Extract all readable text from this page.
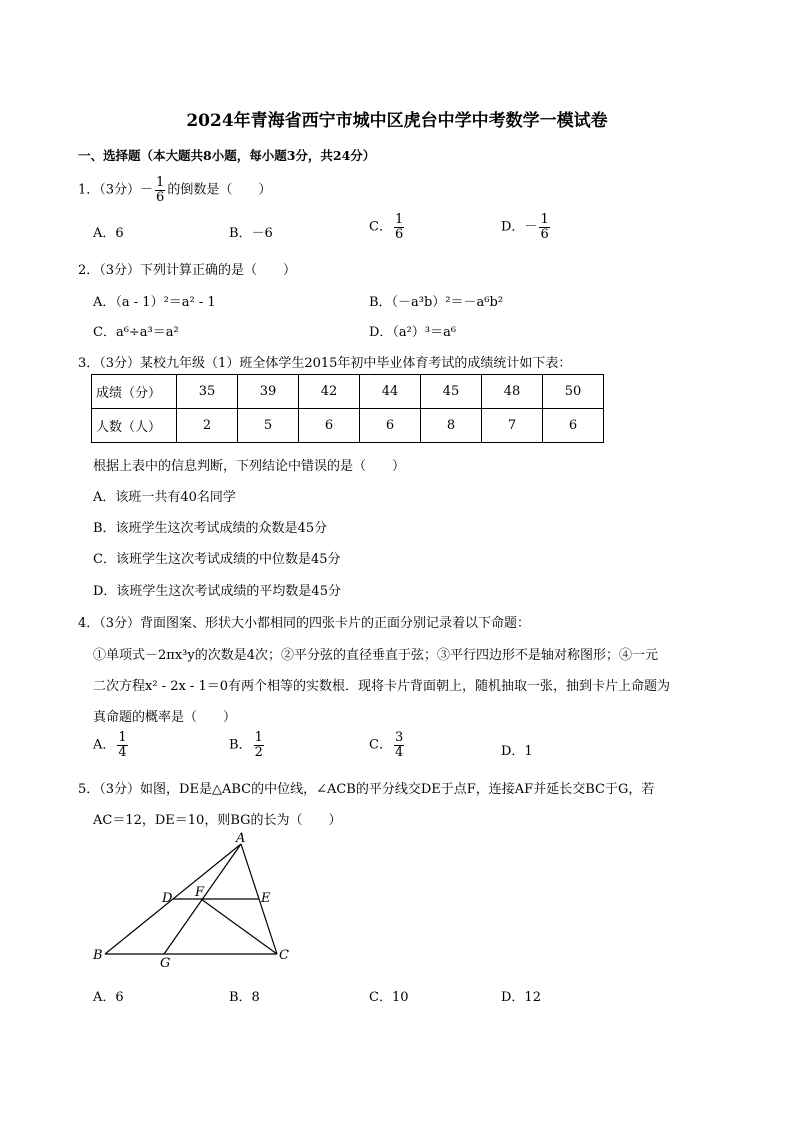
2024年青海省西宁市城中区虎台中学中考数学一模试卷
一、选择题（本大题共8小题，每小题3分，共24分）
1．（3分）－ $\frac{1}{6}$ 的倒数是（　　）
A．6	B．－6	C． $\frac{1}{6}$	D．－ $\frac{1}{6}$
2．（3分）下列计算正确的是（　　）
A．（a - 1）²＝a² - 1	B．（－a³b）²＝－a⁶b²
C．a⁶÷a³＝a²	D．（a²）³＝a⁶
3．（3分）某校九年级（1）班全体学生2015年初中毕业体育考试的成绩统计如下表：
成绩（分）	35	39	42	44	45	48	50
人数（人）	2	5	6	6	8	7	6
根据上表中的信息判断，下列结论中错误的是（　　）
A．该班一共有40名同学
B．该班学生这次考试成绩的众数是45分
C．该班学生这次考试成绩的中位数是45分
D．该班学生这次考试成绩的平均数是45分
4．（3分）背面图案、形状大小都相同的四张卡片的正面分别记录着以下命题：
①单项式－2πx³y的次数是4次；②平分弦的直径垂直于弦；③平行四边形不是轴对称图形；④一元
二次方程x² - 2x - 1＝0有两个相等的实数根．现将卡片背面朝上，随机抽取一张，抽到卡片上命题为
真命题的概率是（　　）
A． $\frac{1}{4}$	B． $\frac{1}{2}$	C． $\frac{3}{4}$	D．1
5．（3分）如图，DE是△ABC的中位线，∠ACB的平分线交DE于点F，连接AF并延长交BC于G，若
AC＝12，DE＝10，则BG的长为（　　）
A
D F	E
B
G
C
A．6	B．8	C．10	D．12
